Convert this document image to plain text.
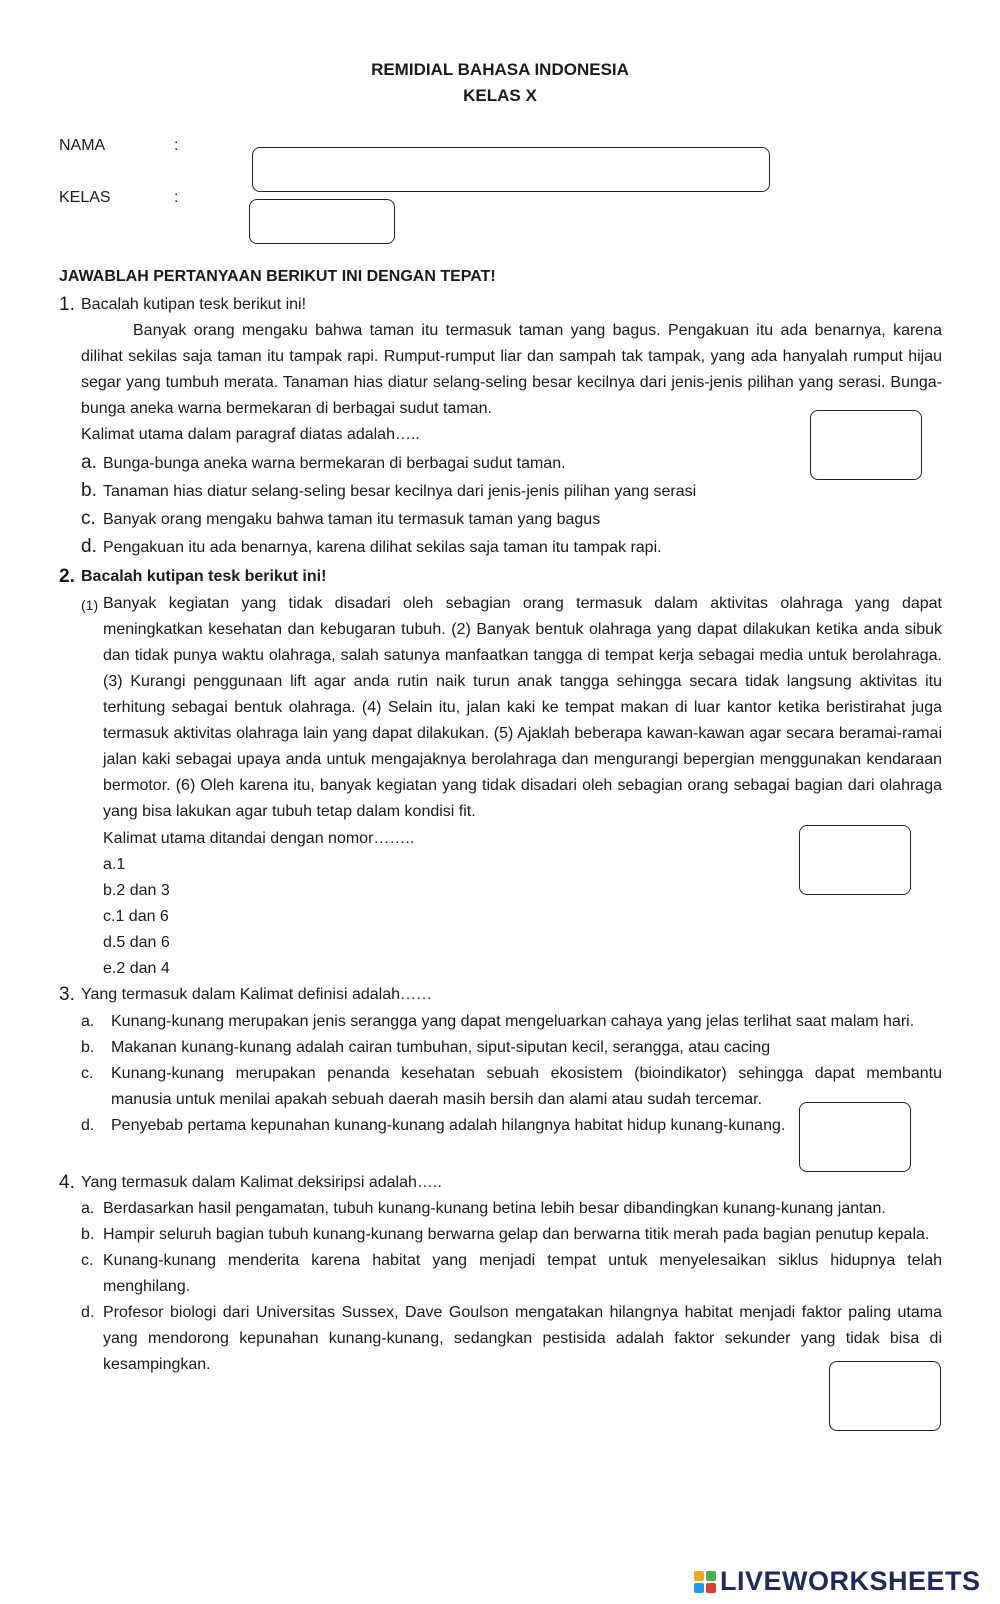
REMIDIAL BAHASA INDONESIA
KELAS X
NAMA	:
KELAS	:
JAWABLAH PERTANYAAN BERIKUT INI DENGAN TEPAT!
1. Bacalah kutipan tesk berikut ini!
Banyak orang mengaku bahwa taman itu termasuk taman yang bagus. Pengakuan itu ada benarnya, karena dilihat sekilas saja taman itu tampak rapi. Rumput-rumput liar dan sampah tak tampak, yang ada hanyalah rumput hijau segar yang tumbuh merata. Tanaman hias diatur selang-seling besar kecilnya dari jenis-jenis pilihan yang serasi. Bunga-bunga aneka warna bermekaran di berbagai sudut taman.
Kalimat utama dalam paragraf diatas adalah…..
a. Bunga-bunga aneka warna bermekaran di berbagai sudut taman.
b. Tanaman hias diatur selang-seling besar kecilnya dari jenis-jenis pilihan yang serasi
c. Banyak orang mengaku bahwa taman itu termasuk taman yang bagus
d. Pengakuan itu ada benarnya, karena dilihat sekilas saja taman itu tampak rapi.
2. Bacalah kutipan tesk berikut ini!
(1) Banyak kegiatan yang tidak disadari oleh sebagian orang termasuk dalam aktivitas olahraga yang dapat meningkatkan kesehatan dan kebugaran tubuh. (2) Banyak bentuk olahraga yang dapat dilakukan ketika anda sibuk dan tidak punya waktu olahraga, salah satunya manfaatkan tangga di tempat kerja sebagai media untuk berolahraga. (3) Kurangi penggunaan lift agar anda rutin naik turun anak tangga sehingga secara tidak langsung aktivitas itu terhitung sebagai bentuk olahraga. (4) Selain itu, jalan kaki ke tempat makan di luar kantor ketika beristirahat juga termasuk aktivitas olahraga lain yang dapat dilakukan. (5) Ajaklah beberapa kawan-kawan agar secara beramai-ramai jalan kaki sebagai upaya anda untuk mengajaknya berolahraga dan mengurangi bepergian menggunakan kendaraan bermotor. (6) Oleh karena itu, banyak kegiatan yang tidak disadari oleh sebagian orang sebagai bagian dari olahraga yang bisa lakukan agar tubuh tetap dalam kondisi fit.
Kalimat utama ditandai dengan nomor……..
a.1
b.2 dan 3
c.1 dan 6
d.5 dan 6
e.2 dan 4
3. Yang termasuk dalam Kalimat definisi adalah……
a. Kunang-kunang merupakan jenis serangga yang dapat mengeluarkan cahaya yang jelas terlihat saat malam hari.
b. Makanan kunang-kunang adalah cairan tumbuhan, siput-siputan kecil, serangga, atau cacing
c. Kunang-kunang merupakan penanda kesehatan sebuah ekosistem (bioindikator) sehingga dapat membantu manusia untuk menilai apakah sebuah daerah masih bersih dan alami atau sudah tercemar.
d. Penyebab pertama kepunahan kunang-kunang adalah hilangnya habitat hidup kunang-kunang.
4. Yang termasuk dalam Kalimat deksiripsi adalah…..
a. Berdasarkan hasil pengamatan, tubuh kunang-kunang betina lebih besar dibandingkan kunang-kunang jantan.
b. Hampir seluruh bagian tubuh kunang-kunang berwarna gelap dan berwarna titik merah pada bagian penutup kepala.
c. Kunang-kunang menderita karena habitat yang menjadi tempat untuk menyelesaikan siklus hidupnya telah menghilang.
d. Profesor biologi dari Universitas Sussex, Dave Goulson mengatakan hilangnya habitat menjadi faktor paling utama yang mendorong kepunahan kunang-kunang, sedangkan pestisida adalah faktor sekunder yang tidak bisa di kesampingkan.
LIVEWORKSHEETS
